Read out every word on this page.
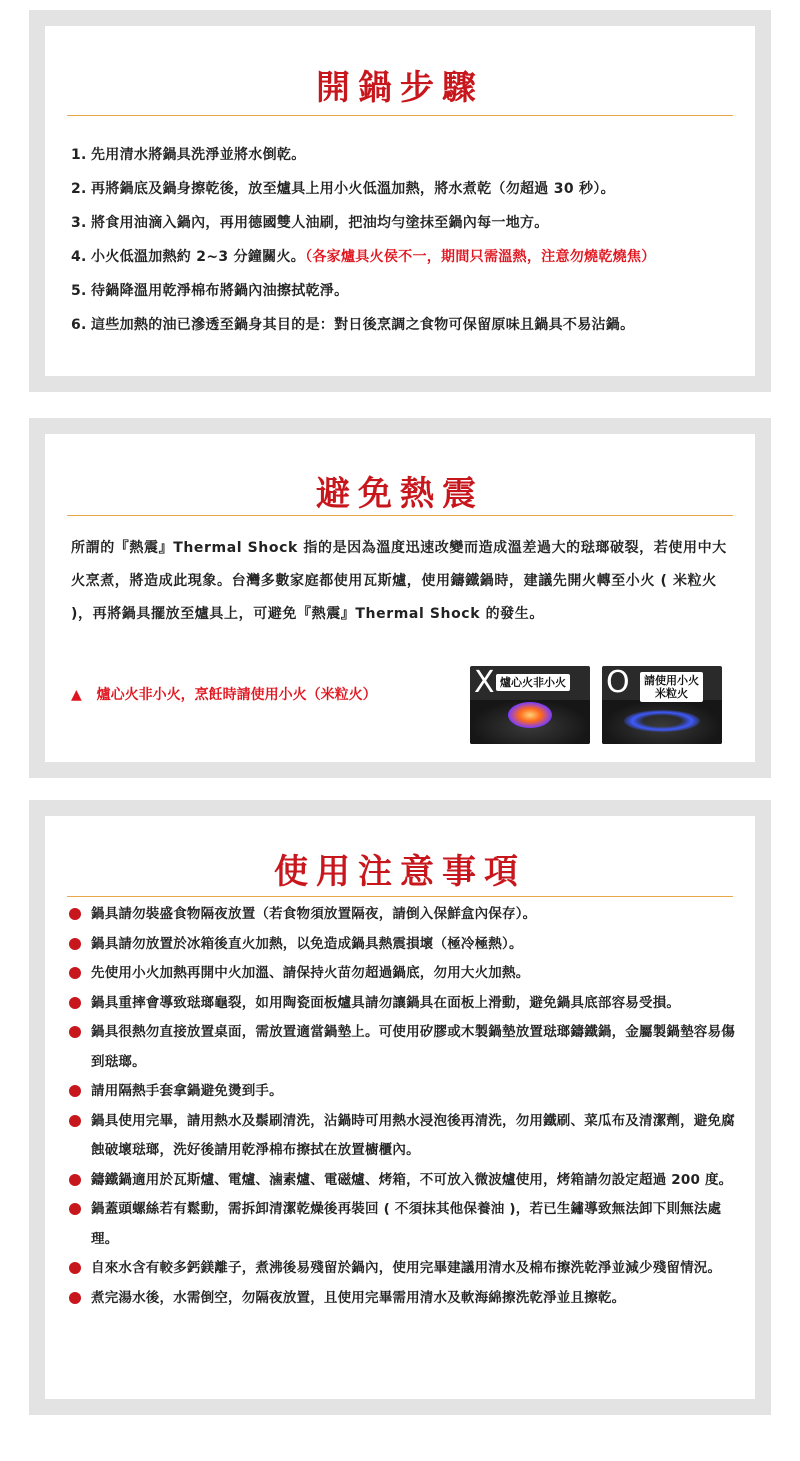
開鍋步驟
1. 先用清水將鍋具洗淨並將水倒乾。
2. 再將鍋底及鍋身擦乾後，放至爐具上用小火低溫加熱，將水煮乾（勿超過 30 秒）。
3. 將食用油滴入鍋內，再用德國雙人油刷，把油均勻塗抹至鍋內每一地方。
4. 小火低溫加熱約 2~3 分鐘關火。（各家爐具火侯不一，期間只需溫熱，注意勿燒乾燒焦）
5. 待鍋降溫用乾淨棉布將鍋內油擦拭乾淨。
6. 這些加熱的油已滲透至鍋身其目的是：對日後烹調之食物可保留原味且鍋具不易沾鍋。
避免熱震
所謂的『熱震』Thermal Shock 指的是因為溫度迅速改變而造成溫差過大的琺瑯破裂，若使用中大火烹煮，將造成此現象。台灣多數家庭都使用瓦斯爐，使用鑄鐵鍋時，建議先開火轉至小火 ( 米粒火 )，再將鍋具擺放至爐具上，可避免『熱震』Thermal Shock 的發生。
▲ 爐心火非小火，烹飪時請使用小火（米粒火）	X 爐心火非小火 O	請使用小火
米粒火
使用注意事項
鍋具請勿裝盛食物隔夜放置（若食物須放置隔夜，請倒入保鮮盒內保存）。
鍋具請勿放置於冰箱後直火加熱，以免造成鍋具熱震損壞（極冷極熱）。
先使用小火加熱再開中火加溫、請保持火苗勿超過鍋底，勿用大火加熱。
鍋具重摔會導致琺瑯龜裂，如用陶瓷面板爐具請勿讓鍋具在面板上滑動，避免鍋具底部容易受損。
鍋具很熱勿直接放置桌面，需放置適當鍋墊上。可使用矽膠或木製鍋墊放置琺瑯鑄鐵鍋，金屬製鍋墊容易傷到琺瑯。
請用隔熱手套拿鍋避免燙到手。
鍋具使用完畢，請用熱水及鬃刷清洗，沾鍋時可用熱水浸泡後再清洗，勿用鐵刷、菜瓜布及清潔劑，避免腐蝕破壞琺瑯，洗好後請用乾淨棉布擦拭在放置櫥櫃內。
鑄鐵鍋適用於瓦斯爐、電爐、滷素爐、電磁爐、烤箱，不可放入微波爐使用，烤箱請勿設定超過 200 度。
鍋蓋頭螺絲若有鬆動，需拆卸清潔乾燥後再裝回 ( 不須抹其他保養油 )，若已生鏽導致無法卸下則無法處理。
自來水含有較多鈣鎂離子，煮沸後易殘留於鍋內，使用完畢建議用清水及棉布擦洗乾淨並減少殘留情況。
煮完湯水後，水需倒空，勿隔夜放置，且使用完畢需用清水及軟海綿擦洗乾淨並且擦乾。
